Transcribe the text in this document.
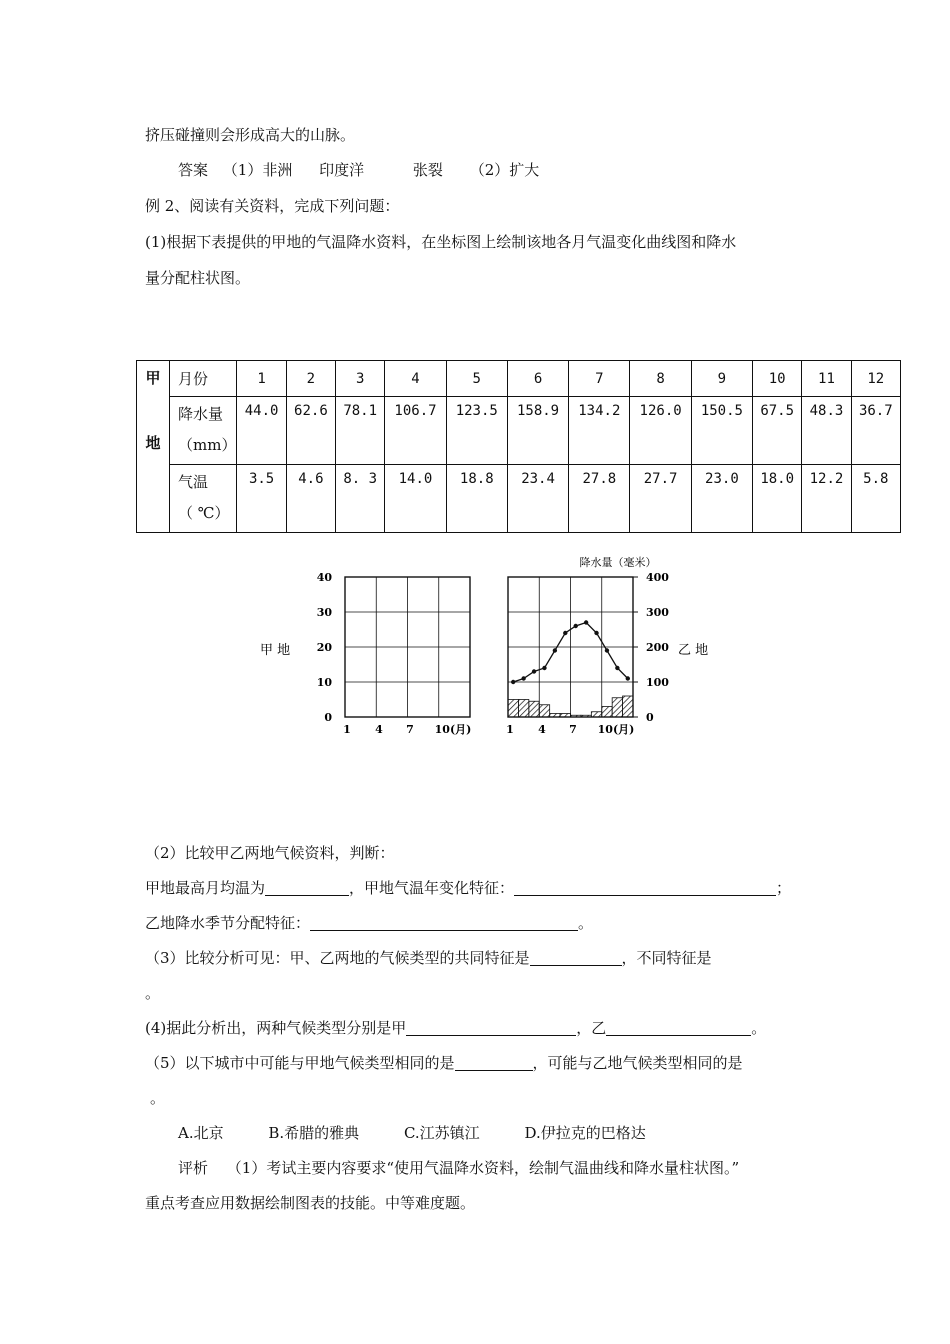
挤压碰撞则会形成高大的山脉。
答案 （1）非洲 印度洋	张裂 （2）扩大
例 2、阅读有关资料，完成下列问题：
(1)根据下表提供的甲地的气温降水资料，在坐标图上绘制该地各月气温变化曲线图和降水
量分配柱状图。
甲
地	月份	1	2	3	4	5	6	7	8	9	10	11	12

	降水量
（mm）	44.0	62.6	78.1	106.7	123.5	158.9	134.2	126.0	150.5	67.5	48.3	36.7

	气温
（ ℃）	3.5	4.6	8. 3	14.0	18.8	23.4	27.8	27.7	23.0	18.0	12.2	5.8
甲 地
40
30
20
10
0
1 4 7 10(月)
降水量（毫米）
400
300
200
100
0
1 4 7 10(月)
乙 地
（2）比较甲乙两地气候资料，判断：
甲地最高月均温为	，甲地气温年变化特征：	；
乙地降水季节分配特征：	。
（3）比较分析可见：甲、乙两地的气候类型的共同特征是	，不同特征是
。
(4)据此分析出，两种气候类型分别是甲	，乙	。
（5）以下城市中可能与甲地气候类型相同的是	，可能与乙地气候类型相同的是
。
A.北京	B.希腊的雅典	C.江苏镇江	D.伊拉克的巴格达
评析 （1）考试主要内容要求“使用气温降水资料，绘制气温曲线和降水量柱状图。”
重点考查应用数据绘制图表的技能。中等难度题。
